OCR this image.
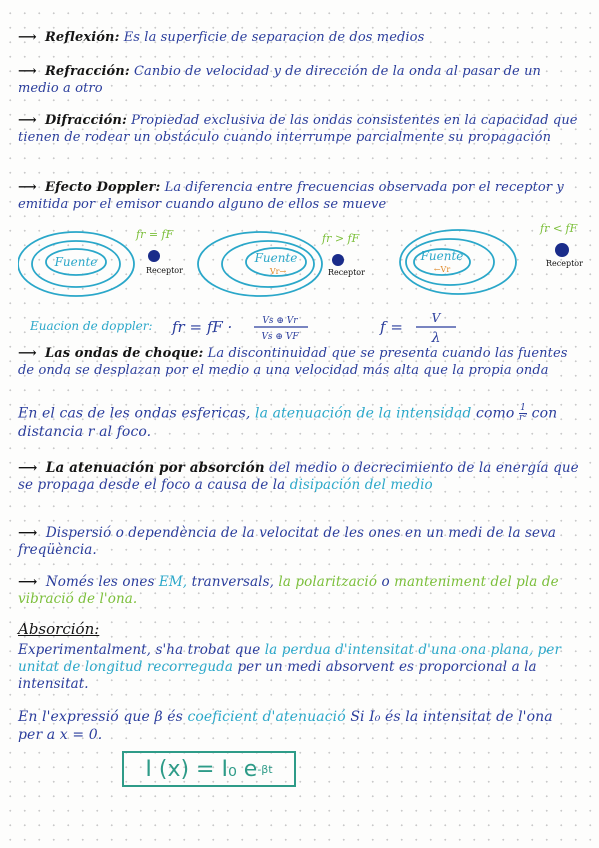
⟶ Reflexión: Es la superficie de separacion de dos medios
⟶ Refracción: Canbio de velocidad y de dirección de la onda al pasar de un medio a otro
⟶ Difracción: Propiedad exclusiva de las ondas consistentes en la capacidad que tienen de rodear un obstáculo cuando interrumpe parcialmente su propagación
⟶ Efecto Doppler: La diferencia entre frecuencias observada por el receptor y emitida por el emisor cuando alguno de ellos se mueve
Fuente
fr = fF
Receptor
Fuente
Vr→
fr > fF
Receptor
Fuente
←Vr
fr < fF
Receptor
Euacion de doppler: fr = fF ·	Vs ⊕ Vr
Vs ⊕ VF
f = V
λ
⟶ Las ondas de choque: La discontinuidad que se presenta cuando las fuentes de onda se desplazan por el medio a una velocidad más alta que la propia onda
En el cas de les ondas esfericas, la atenuación de la intensidad como $\frac{1}{\text{r²}}$ con distancia r al foco.
⟶ La atenuación por absorción del medio o decrecimiento de la energía que se propaga desde el foco a causa de la disipación del medio
⟶ Dispersió o dependència de la velocitat de les ones en un medi de la seva freqüència.
⟶ Només les ones EM, tranversals, la polarització o manteniment del pla de vibració de l'ona.
Absorción:
Experimentalment, s'ha trobat que la perdua d'intensitat d'una ona plana, per unitat de longitud recorreguda per un medi absorvent es proporcional a la intensitat.
En l'expressió que β és coeficient d'atenuació Si I₀ és la intensitat de l'ona per a x = 0.
I (x) = I₀ e -βt
